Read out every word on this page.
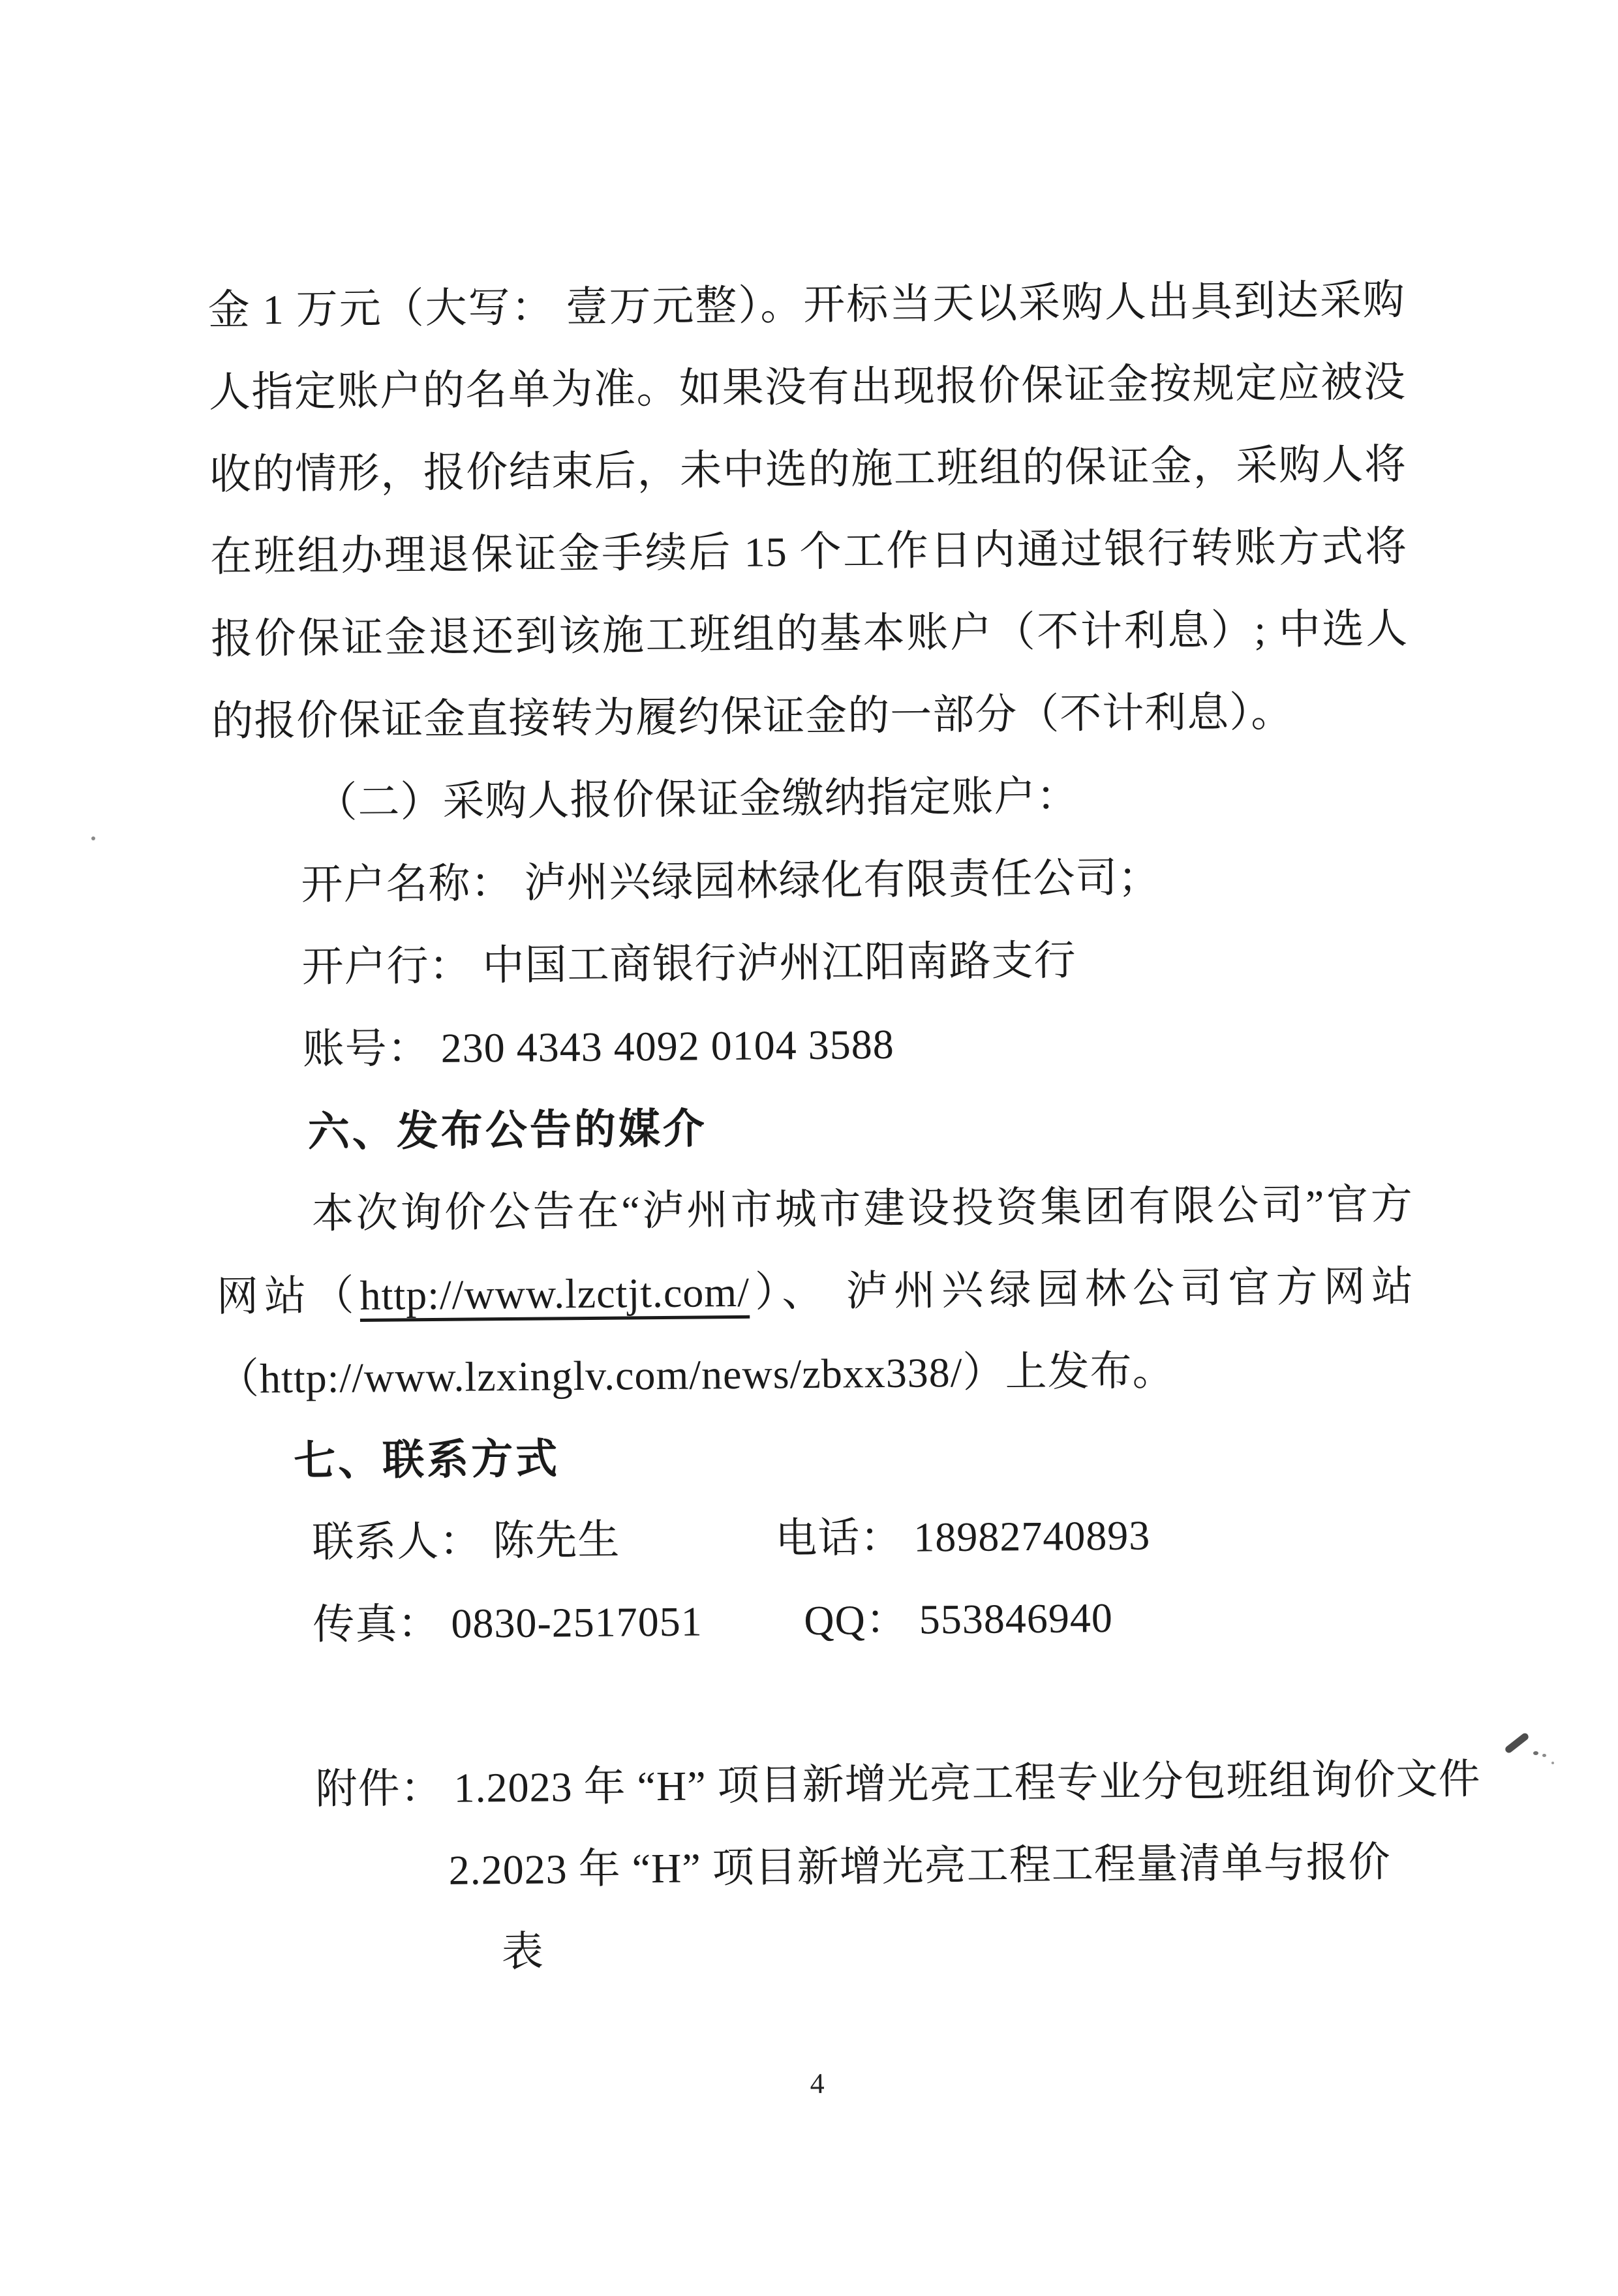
金 1 万元（大写： 壹万元整）。开标当天以采购人出具到达采购
人指定账户的名单为准。如果没有出现报价保证金按规定应被没
收的情形，报价结束后，未中选的施工班组的保证金，采购人将
在班组办理退保证金手续后 15 个工作日内通过银行转账方式将
报价保证金退还到该施工班组的基本账户（不计利息）; 中选人
的报价保证金直接转为履约保证金的一部分（不计利息）。
（二）采购人报价保证金缴纳指定账户：
开户名称： 泸州兴绿园林绿化有限责任公司；
开户行： 中国工商银行泸州江阳南路支行
账号： 230 4343 4092 0104 3588
六、发布公告的媒介
本次询价公告在“泸州市城市建设投资集团有限公司”官方
网站（http://www.lzctjt.com/）、 泸州兴绿园林公司官方网站
（http://www.lzxinglv.com/news/zbxx338/）上发布。
七、联系方式
联系人： 陈先生	电话： 18982740893
传真： 0830-2517051	QQ： 553846940
附件： 1.2023 年 “H” 项目新增光亮工程专业分包班组询价文件
2.2023 年 “H” 项目新增光亮工程工程量清单与报价
表
4
